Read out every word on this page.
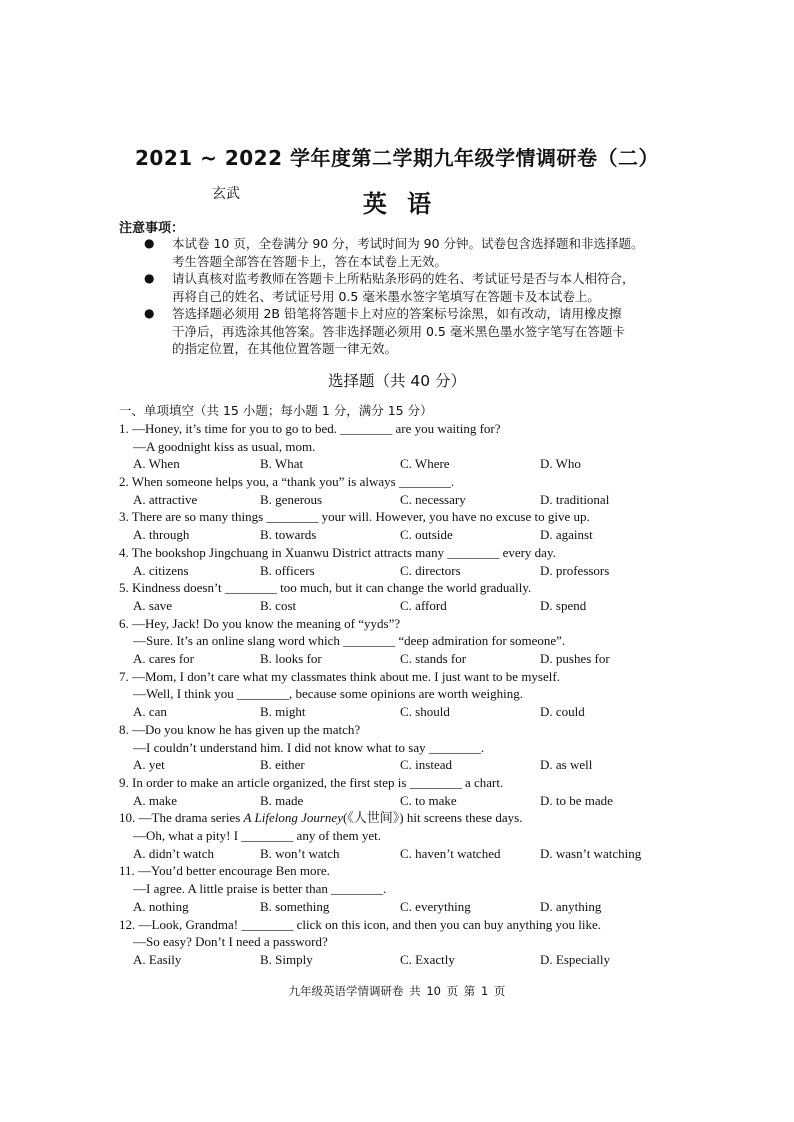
2021 ~ 2022 学年度第二学期九年级学情调研卷（二）
玄武	英 语
注意事项：
● 本试卷 10 页，全卷满分 90 分，考试时间为 90 分钟。试卷包含选择题和非选择题。
考生答题全部答在答题卡上，答在本试卷上无效。
● 请认真核对监考教师在答题卡上所粘贴条形码的姓名、考试证号是否与本人相符合，
再将自己的姓名、考试证号用 0.5 毫米墨水签字笔填写在答题卡及本试卷上。
● 答选择题必须用 2B 铅笔将答题卡上对应的答案标号涂黑，如有改动，请用橡皮擦
干净后，再选涂其他答案。答非选择题必须用 0.5 毫米黑色墨水签字笔写在答题卡
的指定位置，在其他位置答题一律无效。
选择题（共 40 分）
一、单项填空（共 15 小题；每小题 1 分，满分 15 分）
1. —Honey, it’s time for you to go to bed. ________ are you waiting for?
—A goodnight kiss as usual, mom.
A. When	B. What	C. Where	D. Who
2. When someone helps you, a “thank you” is always ________.
A. attractive	B. generous	C. necessary	D. traditional
3. There are so many things ________ your will. However, you have no excuse to give up.
A. through	B. towards	C. outside	D. against
4. The bookshop Jingchuang in Xuanwu District attracts many ________ every day.
A. citizens	B. officers	C. directors	D. professors
5. Kindness doesn’t ________ too much, but it can change the world gradually.
A. save	B. cost	C. afford	D. spend
6. —Hey, Jack! Do you know the meaning of “yyds”?
—Sure. It’s an online slang word which ________ “deep admiration for someone”.
A. cares for	B. looks for	C. stands for	D. pushes for
7. —Mom, I don’t care what my classmates think about me. I just want to be myself.
—Well, I think you ________, because some opinions are worth weighing.
A. can	B. might	C. should	D. could
8. —Do you know he has given up the match?
—I couldn’t understand him. I did not know what to say ________.
A. yet	B. either	C. instead	D. as well
9. In order to make an article organized, the first step is ________ a chart.
A. make	B. made	C. to make	D. to be made
10. —The drama series A Lifelong Journey(《人世间》) hit screens these days.
—Oh, what a pity! I ________ any of them yet.
A. didn’t watch	B. won’t watch	C. haven’t watched	D. wasn’t watching
11. —You’d better encourage Ben more.
—I agree. A little praise is better than ________.
A. nothing	B. something	C. everything	D. anything
12. —Look, Grandma! ________ click on this icon, and then you can buy anything you like.
—So easy? Don’t I need a password?
A. Easily	B. Simply	C. Exactly	D. Especially
九年级英语学情调研卷 共 10 页 第 1 页
